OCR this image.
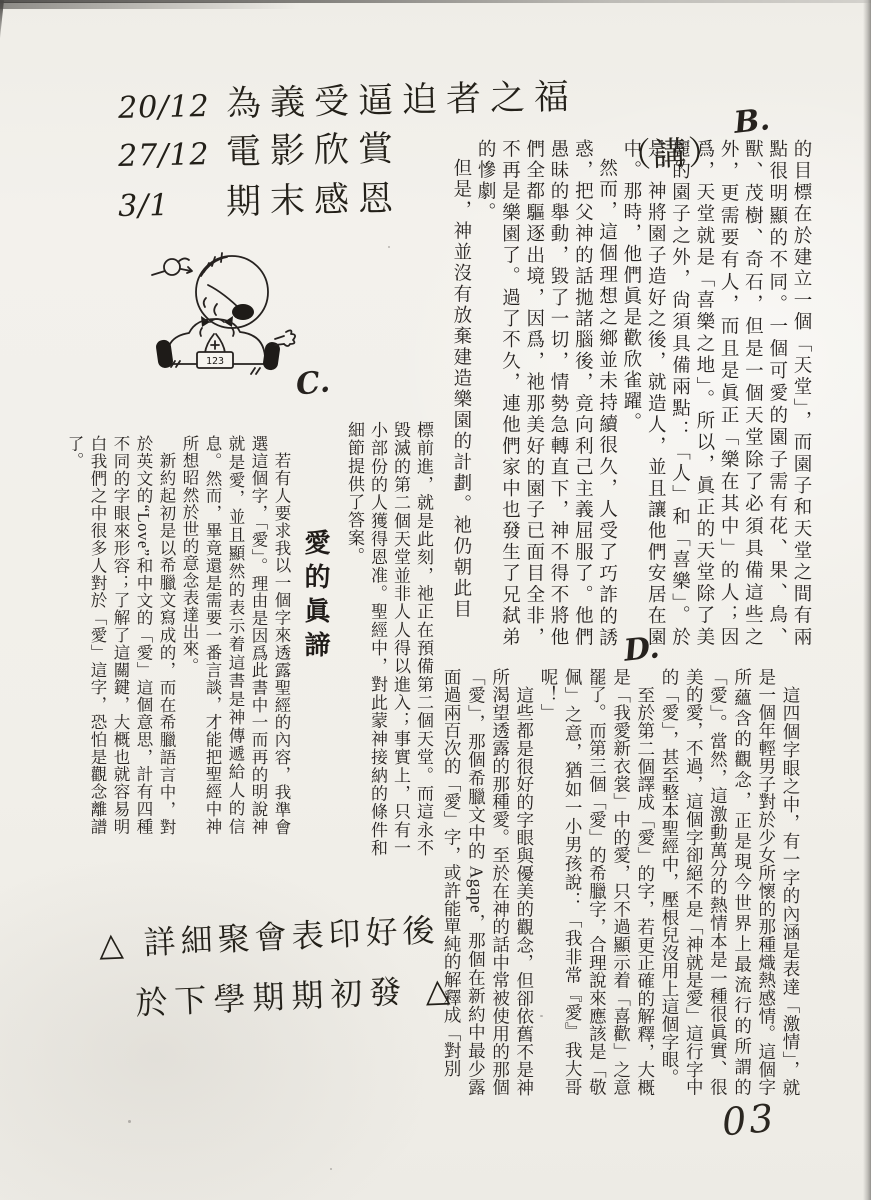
20/12 為義受逼迫者之福
27/12 電影欣賞
3/1	期末感恩
（講）
123
B.

的目標在於建立一個「天堂」，而園子和天堂之間有兩點很明顯的不同。一個可愛的園子需有花、果、鳥、獸、茂樹、奇石，但是一個天堂除了必須具備這些之外，更需要有人，而且是眞正「樂在其中」的人；因爲，天堂就是「喜樂之地」。所以，眞正的天堂除了美麗的園子之外，尙須具備兩點：「人」和「喜樂」。於是，神將園子造好之後，就造人，並且讓他們安居在園中。那時，他們眞是歡欣雀躍。

然而，這個理想之鄉並未持續很久，人受了巧詐的誘惑，把父神的話拋諸腦後，竟向利己主義屈服了。他們愚昧的舉動，毀了一切，情勢急轉直下，神不得不將他們全都驅逐出境，因爲，祂那美好的園子已面目全非，不再是樂園了。過了不久，連他們家中也發生了兄弑弟的慘劇。

但是，神並沒有放棄建造樂園的計劃。祂仍朝此目

標前進，就是此刻，祂正在預備第二個天堂。而這永不毀滅的第二個天堂並非人人得以進入；事實上，只有一小部份的人獲得恩准。聖經中，對此蒙神接納的條件和細節提供了答案。

C.
愛的眞諦

若有人要求我以一個字來透露聖經的內容，我準會選這個字，「愛」。理由是因爲此書中一而再的明說神就是愛，並且顯然的表示着這書是神傳遞給人的信息。然而，畢竟還是需要一番言談，才能把聖經中神所想昭然於世的意念表達出來。

新約起初是以希臘文寫成的，而在希臘語言中，對於英文的“Love”和中文的「愛」這個意思，計有四種不同的字眼來形容；了解了這關鍵，大概也就容易明白我們之中很多人對於「愛」這字，恐怕是觀念離譜了。

D.

這四個字眼之中，有一字的內涵是表達「激情」，就是一個年輕男子對於少女所懷的那種熾熱感情。這個字所蘊含的觀念，正是現今世界上最流行的所謂的「愛」。當然，這激動萬分的熱情本是一種很眞實、很美的愛，不過，這個字卻絕不是「神就是愛」這行字中的「愛」，甚至整本聖經中，壓根兒沒用上這個字眼。

至於第二個譯成「愛」的字，若更正確的解釋，大概是「我愛新衣裳」中的愛，只不過顯示着「喜歡」之意罷了。而第三個「愛」的希臘字，合理說來應該是「敬佩」之意，猶如一小男孩說：「我非常『愛』我大哥呢！」

這些都是很好的字眼與優美的觀念，但卻依舊不是神所渴望透露的那種愛。至於在神的話中常被使用的那個「愛」，那個希臘文中的 Agape，那個在新約中最少露面過兩百次的「愛」字，或許能單純的解釋成「對別

△ 詳細聚會表印好後
於下學期期初發 △
03
